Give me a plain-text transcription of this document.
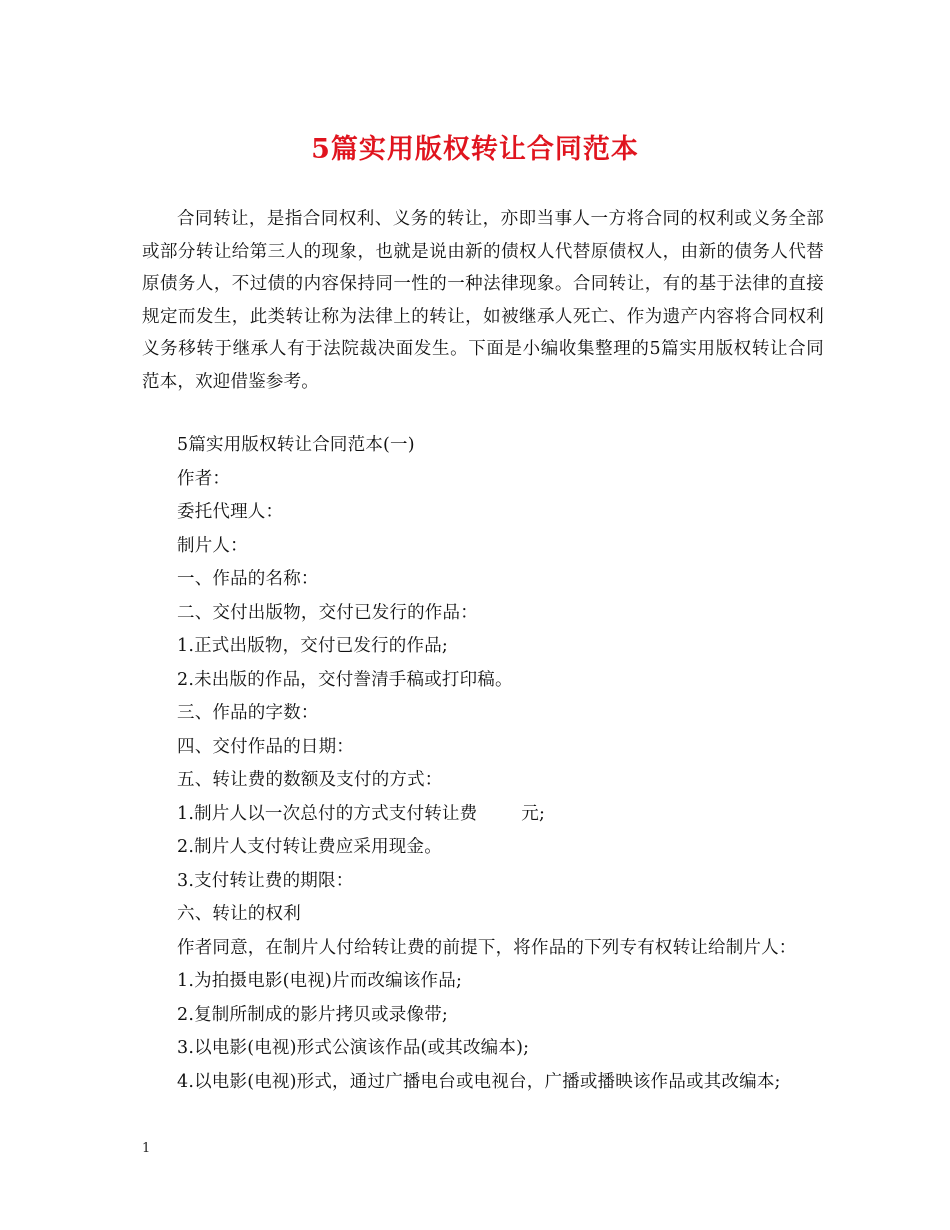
5篇实用版权转让合同范本

合同转让，是指合同权利、义务的转让，亦即当事人一方将合同的权利或义务全部或部分转让给第三人的现象，也就是说由新的债权人代替原债权人，由新的债务人代替原债务人，不过债的内容保持同一性的一种法律现象。合同转让，有的基于法律的直接规定而发生，此类转让称为法律上的转让，如被继承人死亡、作为遗产内容将合同权利义务移转于继承人有于法院裁决面发生。下面是小编收集整理的5篇实用版权转让合同范本，欢迎借鉴参考。

5篇实用版权转让合同范本(一)
作者：
委托代理人：
制片人：
一、作品的名称：
二、交付出版物，交付已发行的作品：
1.正式出版物，交付已发行的作品;
2.未出版的作品，交付誊清手稿或打印稿。
三、作品的字数：
四、交付作品的日期：
五、转让费的数额及支付的方式：
1.制片人以一次总付的方式支付转让费	元;
2.制片人支付转让费应采用现金。
3.支付转让费的期限：
六、转让的权利
作者同意，在制片人付给转让费的前提下，将作品的下列专有权转让给制片人：
1.为拍摄电影(电视)片而改编该作品;
2.复制所制成的影片拷贝或录像带;
3.以电影(电视)形式公演该作品(或其改编本);
4.以电影(电视)形式，通过广播电台或电视台，广播或播映该作品或其改编本;
1
